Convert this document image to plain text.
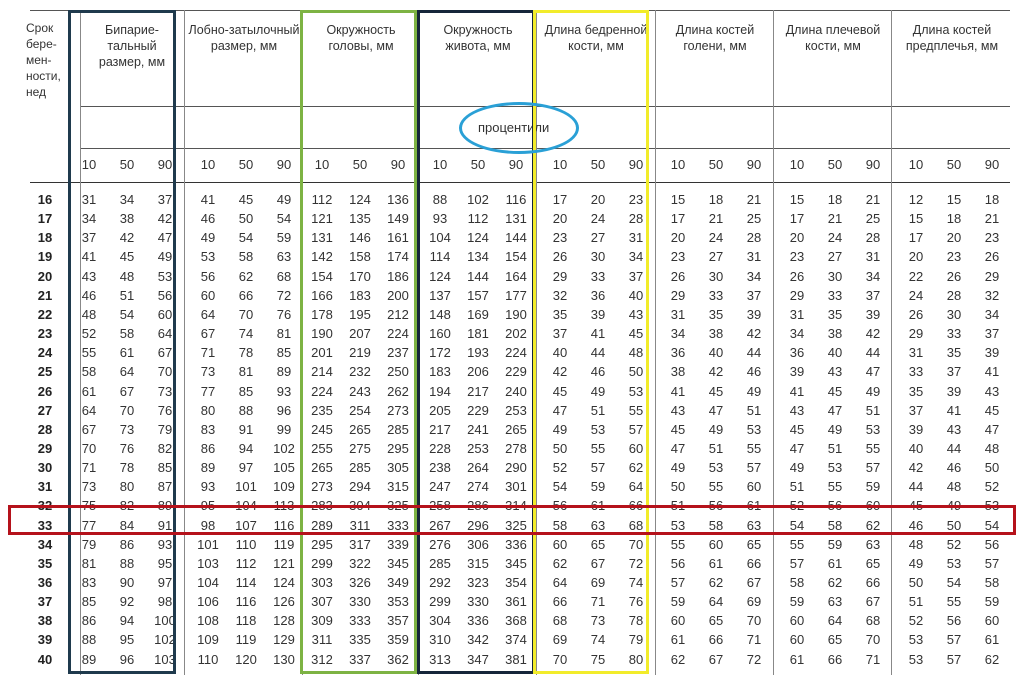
Срок бере-мен-ности, нед
Бипарие-тальный размер, мм
Лобно-затылочный размер, мм
Окружность головы, мм
Окружность живота, мм
Длина бедренной кости, мм
Длина костей голени, мм
Длина плечевой кости, мм
Длина костей предплечья, мм
процентили
10	50	90	10	50	90	10	50	90	10	50	90	10	50	90	10	50	90	10	50	90	10	50	90
16	31	34	37	41	45	49	112	124	136	88	102	116	17	20	23	15	18	21	15	18	21	12	15	18
17	34	38	42	46	50	54	121	135	149	93	112	131	20	24	28	17	21	25	17	21	25	15	18	21
18	37	42	47	49	54	59	131	146	161	104	124	144	23	27	31	20	24	28	20	24	28	17	20	23
19	41	45	49	53	58	63	142	158	174	114	134	154	26	30	34	23	27	31	23	27	31	20	23	26
20	43	48	53	56	62	68	154	170	186	124	144	164	29	33	37	26	30	34	26	30	34	22	26	29
21	46	51	56	60	66	72	166	183	200	137	157	177	32	36	40	29	33	37	29	33	37	24	28	32
22	48	54	60	64	70	76	178	195	212	148	169	190	35	39	43	31	35	39	31	35	39	26	30	34
23	52	58	64	67	74	81	190	207	224	160	181	202	37	41	45	34	38	42	34	38	42	29	33	37
24	55	61	67	71	78	85	201	219	237	172	193	224	40	44	48	36	40	44	36	40	44	31	35	39
25	58	64	70	73	81	89	214	232	250	183	206	229	42	46	50	38	42	46	39	43	47	33	37	41
26	61	67	73	77	85	93	224	243	262	194	217	240	45	49	53	41	45	49	41	45	49	35	39	43
27	64	70	76	80	88	96	235	254	273	205	229	253	47	51	55	43	47	51	43	47	51	37	41	45
28	67	73	79	83	91	99	245	265	285	217	241	265	49	53	57	45	49	53	45	49	53	39	43	47
29	70	76	82	86	94	102	255	275	295	228	253	278	50	55	60	47	51	55	47	51	55	40	44	48
30	71	78	85	89	97	105	265	285	305	238	264	290	52	57	62	49	53	57	49	53	57	42	46	50
31	73	80	87	93	101	109	273	294	315	247	274	301	54	59	64	50	55	60	51	55	59	44	48	52
32	75	82	89	95	104	113	283	304	325	258	286	314	56	61	66	51	56	61	52	56	60	45	49	53
33	77	84	91	98	107	116	289	311	333	267	296	325	58	63	68	53	58	63	54	58	62	46	50	54
34	79	86	93	101	110	119	295	317	339	276	306	336	60	65	70	55	60	65	55	59	63	48	52	56
35	81	88	95	103	112	121	299	322	345	285	315	345	62	67	72	56	61	66	57	61	65	49	53	57
36	83	90	97	104	114	124	303	326	349	292	323	354	64	69	74	57	62	67	58	62	66	50	54	58
37	85	92	98	106	116	126	307	330	353	299	330	361	66	71	76	59	64	69	59	63	67	51	55	59
38	86	94	100	108	118	128	309	333	357	304	336	368	68	73	78	60	65	70	60	64	68	52	56	60
39	88	95	102	109	119	129	311	335	359	310	342	374	69	74	79	61	66	71	60	65	70	53	57	61
40	89	96	103	110	120	130	312	337	362	313	347	381	70	75	80	62	67	72	61	66	71	53	57	62
